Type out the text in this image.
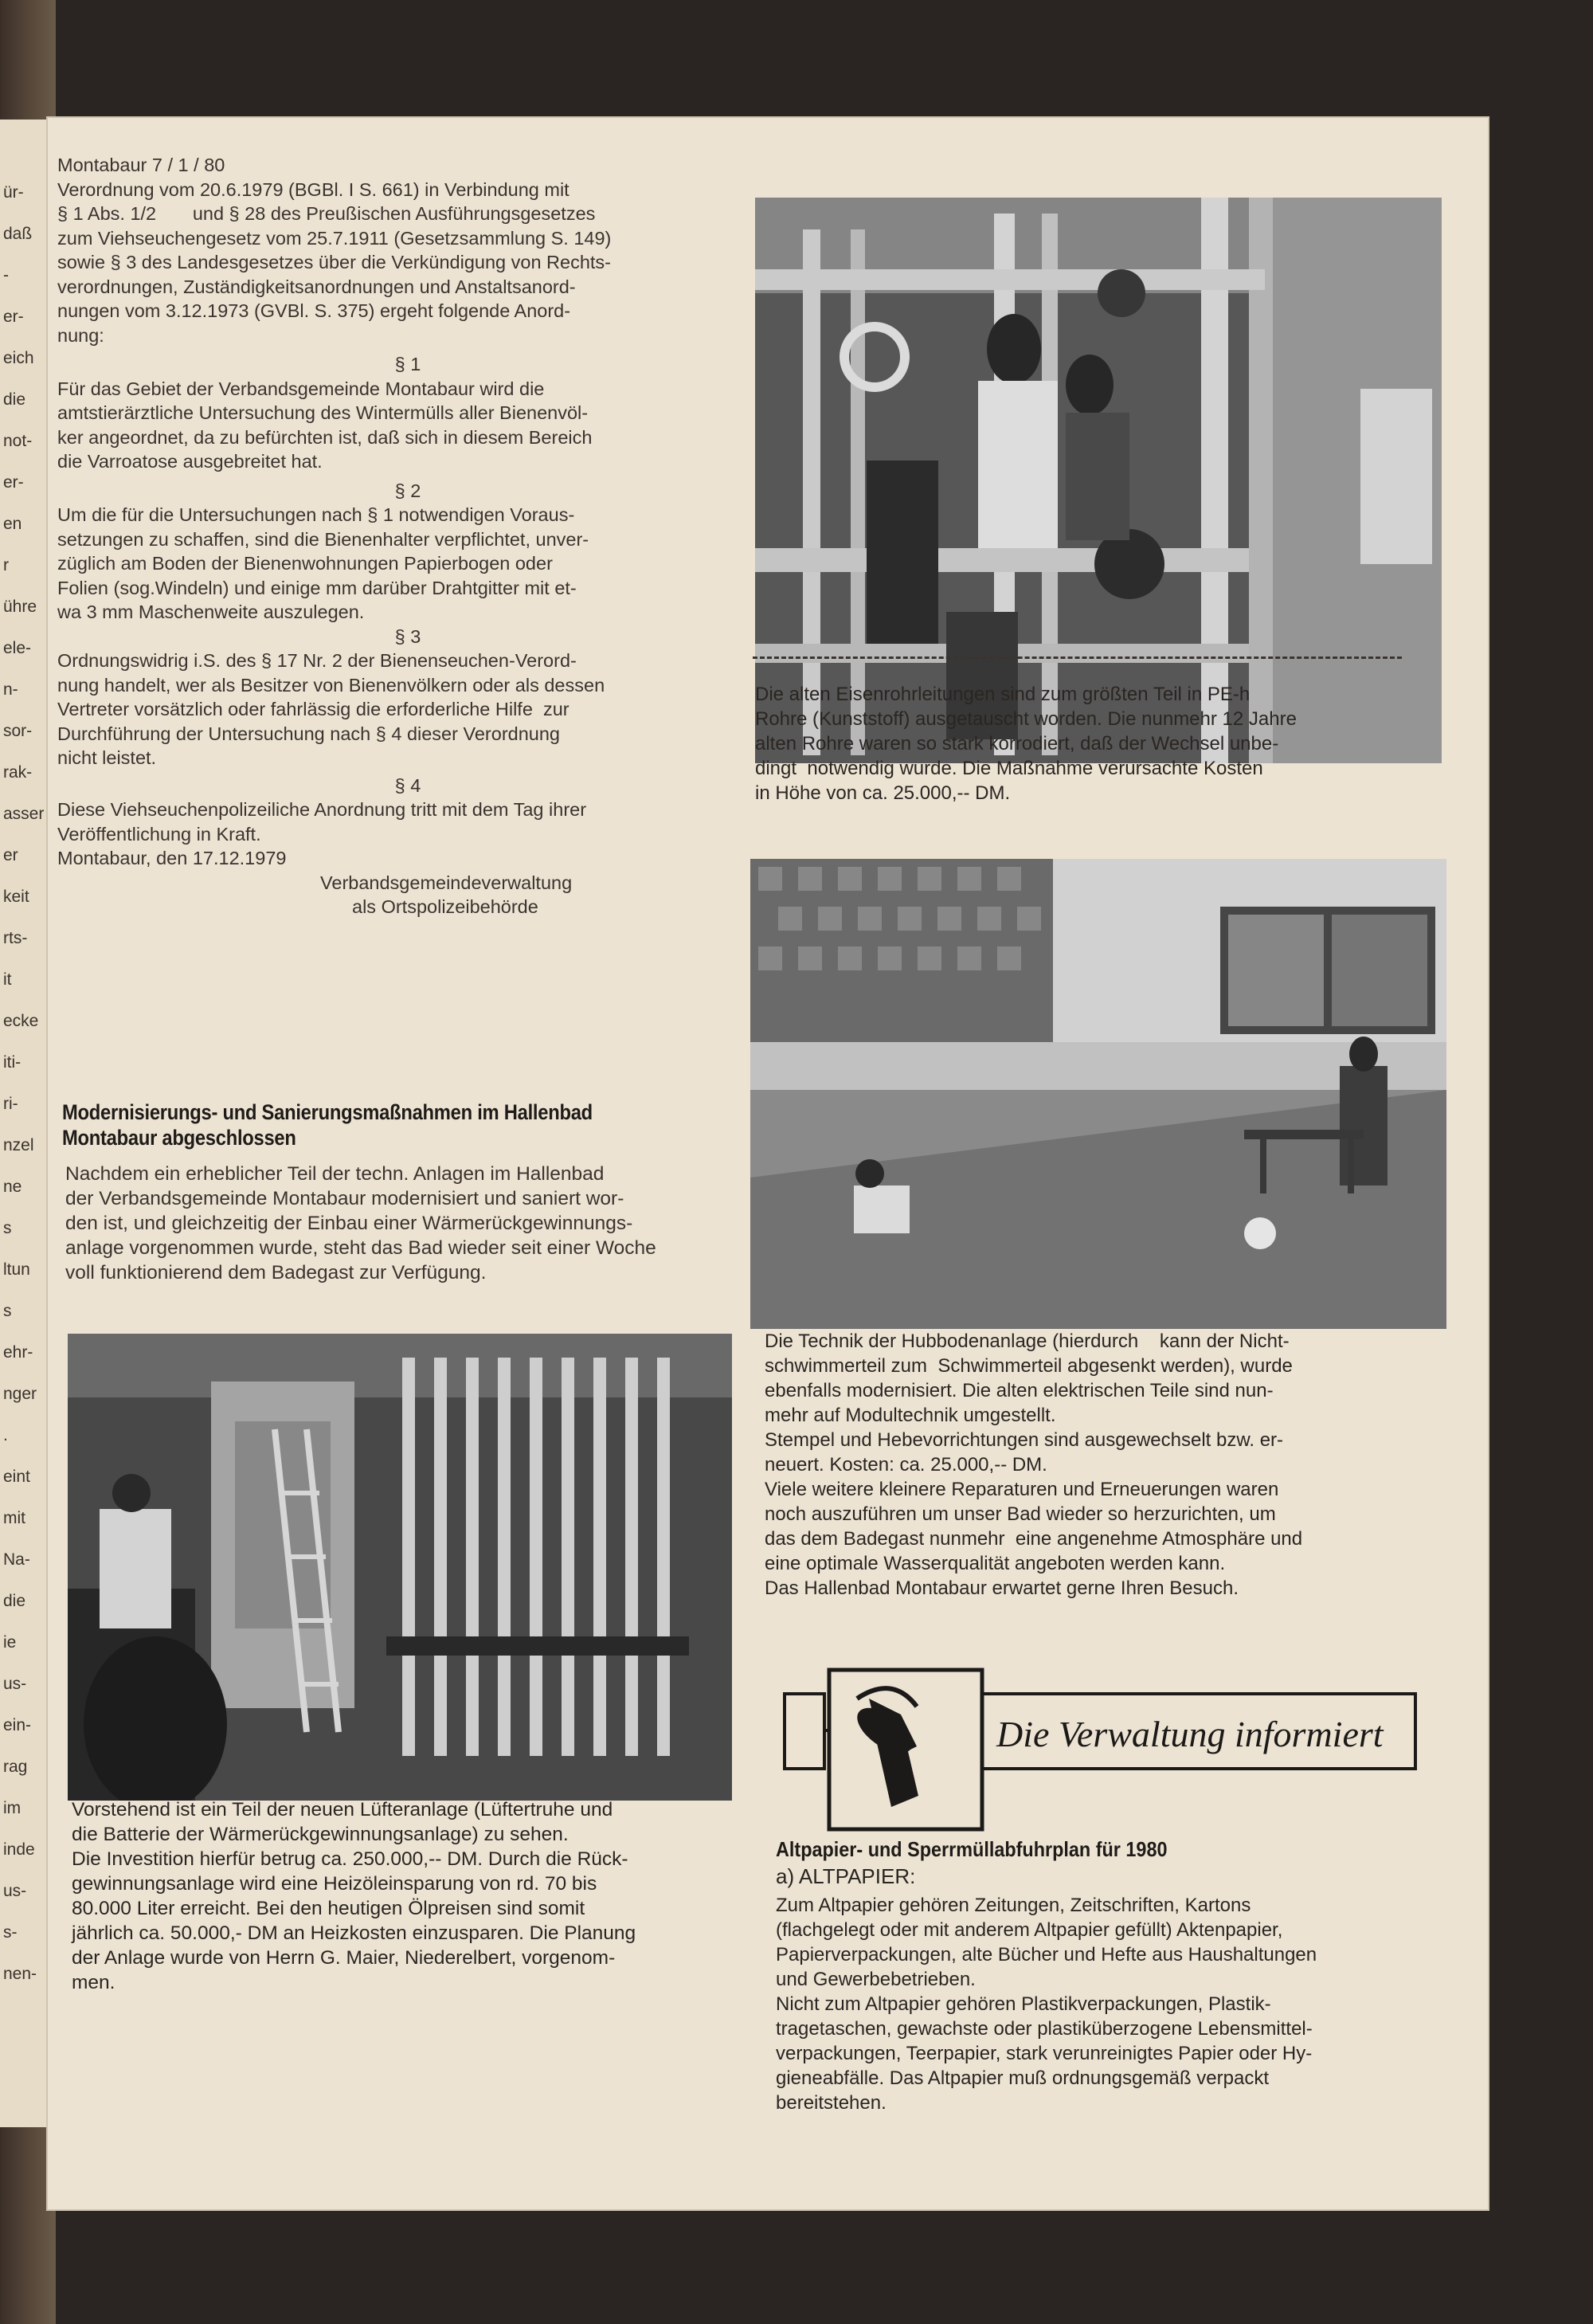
ür-
daß
-
er-
eich
die
not-
er-
en
r
ühre
ele-
n-
sor-
rak-
asser
er
keit
rts-
it
ecke
iti-
ri-
nzel
ne
s
ltun
s
ehr-
nger
.
eint
mit
Na-
die
ie
us-
ein-
rag
im
inde
us-
s-
nen-

Montabaur 7 / 1 / 80

Verordnung vom 20.6.1979 (BGBl. I S. 661) in Verbindung mit
§ 1 Abs. 1/2       und § 28 des Preußischen Ausführungsgesetzes
zum Viehseuchengesetz vom 25.7.1911 (Gesetzsammlung S. 149)
sowie § 3 des Landesgesetzes über die Verkündigung von Rechts-
verordnungen, Zuständigkeitsanordnungen und Anstaltsanord-
nungen vom 3.12.1973 (GVBl. S. 375) ergeht folgende Anord-
nung:

§ 1

Für das Gebiet der Verbandsgemeinde Montabaur wird die
amtstierärztliche Untersuchung des Wintermülls aller Bienenvöl-
ker angeordnet, da zu befürchten ist, daß sich in diesem Bereich
die Varroatose ausgebreitet hat.

§ 2

Um die für die Untersuchungen nach § 1 notwendigen Voraus-
setzungen zu schaffen, sind die Bienenhalter verpflichtet, unver-
züglich am Boden der Bienenwohnungen Papierbogen oder
Folien (sog.Windeln) und einige mm darüber Drahtgitter mit et-
wa 3 mm Maschenweite auszulegen.

§ 3

Ordnungswidrig i.S. des § 17 Nr. 2 der Bienenseuchen-Verord-
nung handelt, wer als Besitzer von Bienenvölkern oder als dessen
Vertreter vorsätzlich oder fahrlässig die erforderliche Hilfe  zur
Durchführung der Untersuchung nach § 4 dieser Verordnung
nicht leistet.

§ 4

Diese Viehseuchenpolizeiliche Anordnung tritt mit dem Tag ihrer
Veröffentlichung in Kraft.
Montabaur, den 17.12.1979

Verbandsgemeindeverwaltung

als Ortspolizeibehörde

Die alten Eisenrohrleitungen sind zum größten Teil in PE-h
Rohre (Kunststoff) ausgetauscht worden. Die nunmehr 12 Jahre
alten Rohre waren so stark korrodiert, daß der Wechsel unbe-
dingt  notwendig wurde. Die Maßnahme verursachte Kosten
in Höhe von ca. 25.000,-- DM.
Die Technik der Hubbodenanlage (hierdurch    kann der Nicht-
schwimmerteil zum  Schwimmerteil abgesenkt werden), wurde
ebenfalls modernisiert. Die alten elektrischen Teile sind nun-
mehr auf Modultechnik umgestellt.
Stempel und Hebevorrichtungen sind ausgewechselt bzw. er-
neuert. Kosten: ca. 25.000,-- DM.
Viele weitere kleinere Reparaturen und Erneuerungen waren
noch auszuführen um unser Bad wieder so herzurichten, um
das dem Badegast nunmehr  eine angenehme Atmosphäre und
eine optimale Wasserqualität angeboten werden kann.
Das Hallenbad Montabaur erwartet gerne Ihren Besuch.
Modernisierungs- und Sanierungsmaßnahmen im Hallenbad
Montabaur abgeschlossen
Nachdem ein erheblicher Teil der techn. Anlagen im Hallenbad
der Verbandsgemeinde Montabaur modernisiert und saniert wor-
den ist, und gleichzeitig der Einbau einer Wärmerückgewinnungs-
anlage vorgenommen wurde, steht das Bad wieder seit einer Woche
voll funktionierend dem Badegast zur Verfügung.
Vorstehend ist ein Teil der neuen Lüfteranlage (Lüftertruhe und
die Batterie der Wärmerückgewinnungsanlage) zu sehen.
Die Investition hierfür betrug ca. 250.000,-- DM. Durch die Rück-
gewinnungsanlage wird eine Heizöleinsparung von rd. 70 bis
80.000 Liter erreicht. Bei den heutigen Ölpreisen sind somit
jährlich ca. 50.000,- DM an Heizkosten einzusparen. Die Planung
der Anlage wurde von Herrn G. Maier, Niederelbert, vorgenom-
men.
Die Verwaltung informiert
Altpapier- und Sperrmüllabfuhrplan für 1980
a) ALTPAPIER:
Zum Altpapier gehören Zeitungen, Zeitschriften, Kartons
(flachgelegt oder mit anderem Altpapier gefüllt) Aktenpapier,
Papierverpackungen, alte Bücher und Hefte aus Haushaltungen
und Gewerbebetrieben.
Nicht zum Altpapier gehören Plastikverpackungen, Plastik-
tragetaschen, gewachste oder plastiküberzogene Lebensmittel-
verpackungen, Teerpapier, stark verunreinigtes Papier oder Hy-
gieneabfälle. Das Altpapier muß ordnungsgemäß verpackt
bereitstehen.
